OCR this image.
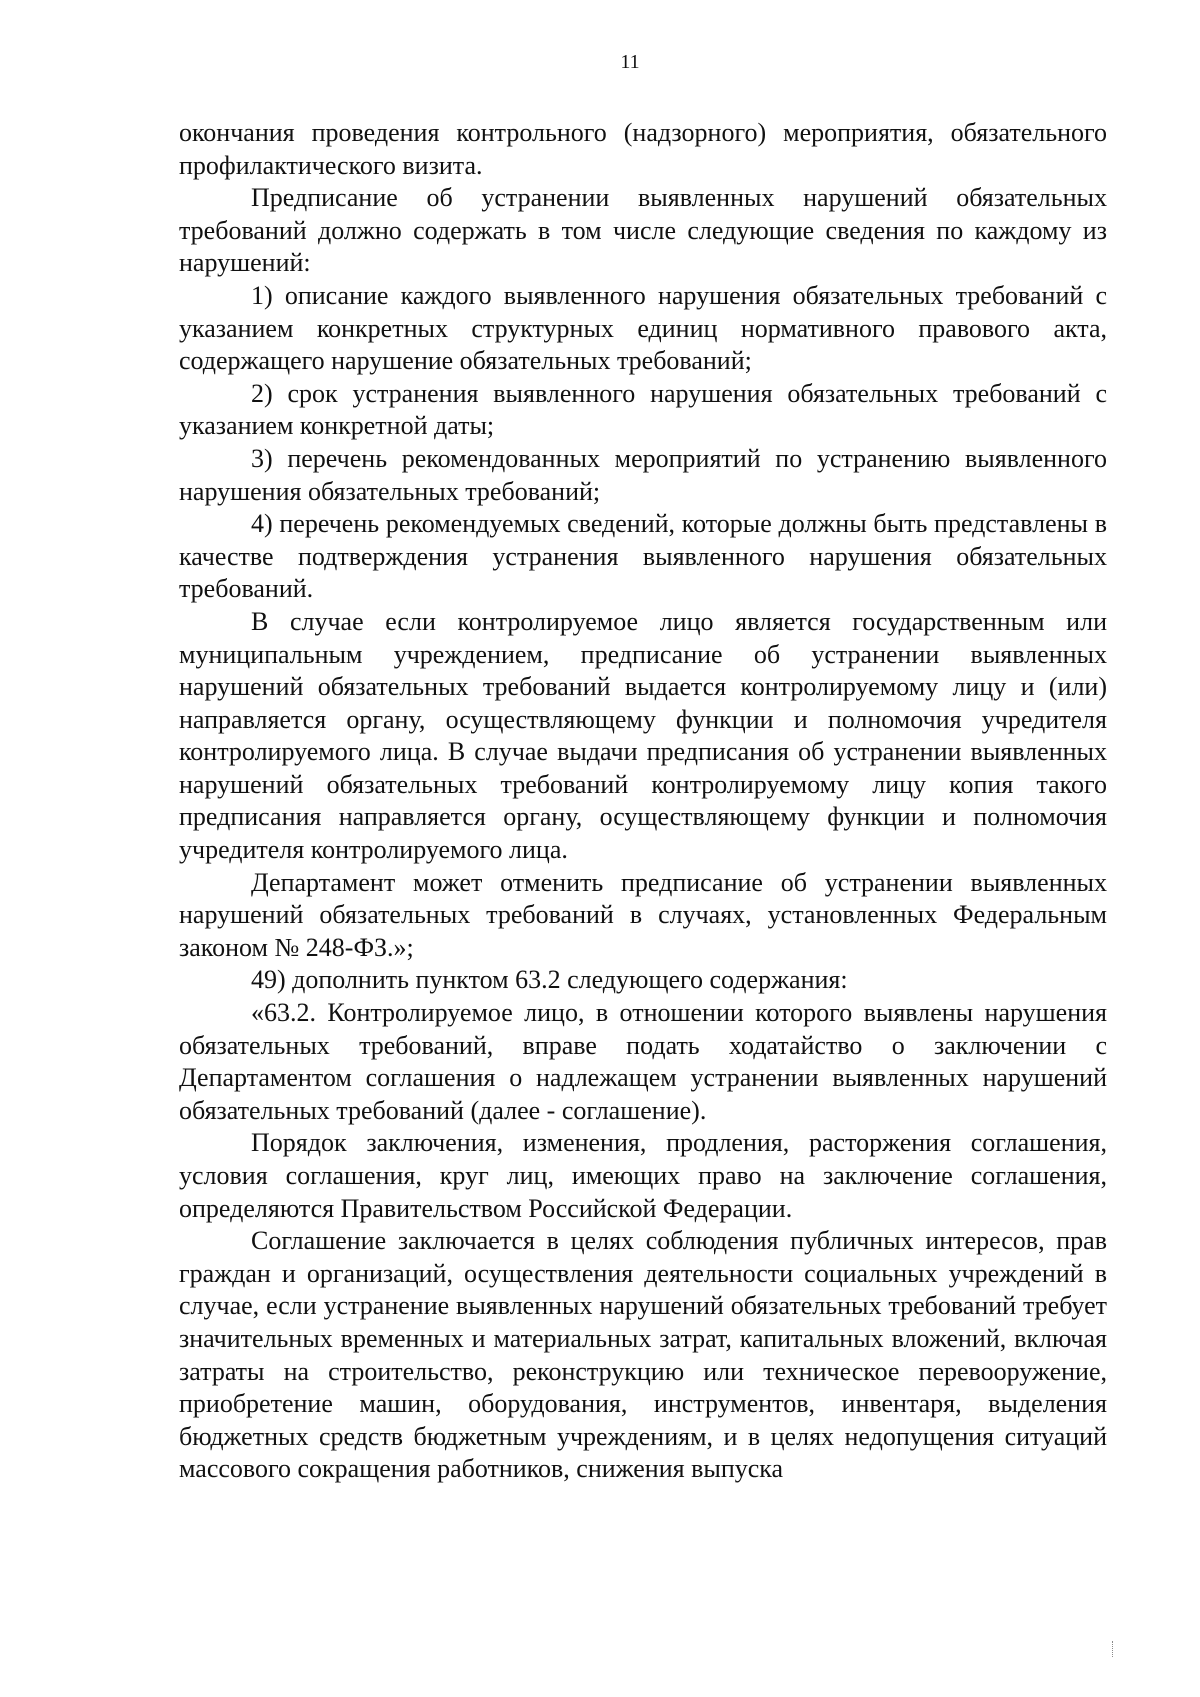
11

окончания проведения контрольного (надзорного) мероприятия, обязательного профилактического визита.

Предписание об устранении выявленных нарушений обязательных требований должно содержать в том числе следующие сведения по каждому из нарушений:

1) описание каждого выявленного нарушения обязательных требований с указанием конкретных структурных единиц нормативного правового акта, содержащего нарушение обязательных требований;

2) срок устранения выявленного нарушения обязательных требований с указанием конкретной даты;

3) перечень рекомендованных мероприятий по устранению выявленного нарушения обязательных требований;

4) перечень рекомендуемых сведений, которые должны быть представлены в качестве подтверждения устранения выявленного нарушения обязательных требований.

В случае если контролируемое лицо является государственным или муниципальным учреждением, предписание об устранении выявленных нарушений обязательных требований выдается контролируемому лицу и (или) направляется органу, осуществляющему функции и полномочия учредителя контролируемого лица. В случае выдачи предписания об устранении выявленных нарушений обязательных требований контролируемому лицу копия такого предписания направляется органу, осуществляющему функции и полномочия учредителя контролируемого лица.

Департамент может отменить предписание об устранении выявленных нарушений обязательных требований в случаях, установленных Федеральным законом № 248-ФЗ.»;

49) дополнить пунктом 63.2 следующего содержания:

«63.2. Контролируемое лицо, в отношении которого выявлены нарушения обязательных требований, вправе подать ходатайство о заключении с Департаментом соглашения о надлежащем устранении выявленных нарушений обязательных требований (далее - соглашение).

Порядок заключения, изменения, продления, расторжения соглашения, условия соглашения, круг лиц, имеющих право на заключение соглашения, определяются Правительством Российской Федерации.

Соглашение заключается в целях соблюдения публичных интересов, прав граждан и организаций, осуществления деятельности социальных учреждений в случае, если устранение выявленных нарушений обязательных требований требует значительных временных и материальных затрат, капитальных вложений, включая затраты на строительство, реконструкцию или техническое перевооружение, приобретение машин, оборудования, инструментов, инвентаря, выделения бюджетных средств бюджетным учреждениям, и в целях недопущения ситуаций массового сокращения работников, снижения выпуска
